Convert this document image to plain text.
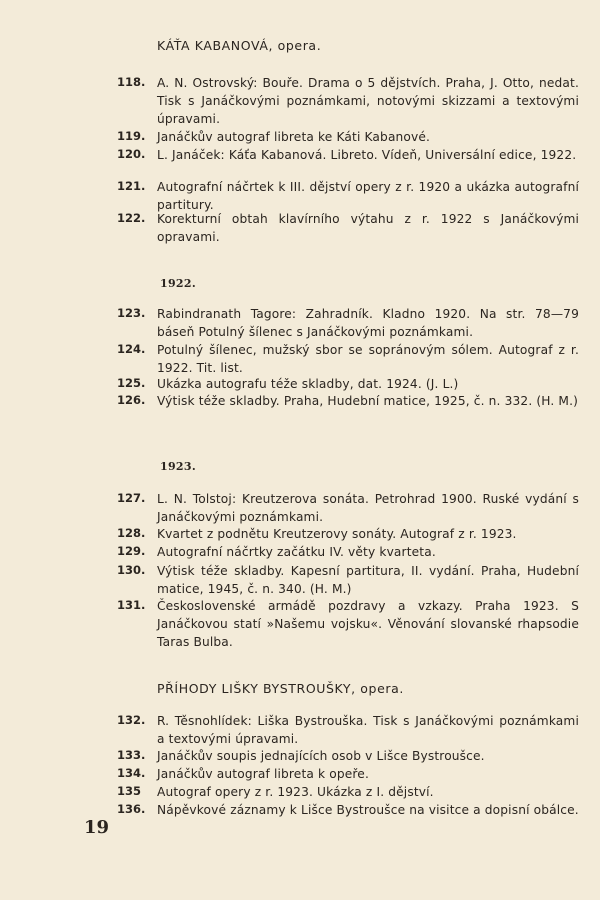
KÁŤA KABANOVÁ, opera.
118. A. N. Ostrovský: Bouře. Drama o 5 dějstvích. Praha, J. Otto, nedat. Tisk s Janáčkovými poznámkami, notovými skizzami a textovými úpravami.
119. Janáčkův autograf libreta ke Káti Kabanové.
120. L. Janáček: Káťa Kabanová. Libreto. Vídeň, Universální edice, 1922.
121. Autografní náčrtek k III. dějství opery z r. 1920 a ukázka autografní partitury.
122. Korekturní obtah klavírního výtahu z r. 1922 s Janáčkovými opravami.
1922.
123. Rabindranath Tagore: Zahradník. Kladno 1920. Na str. 78—79 báseň Potulný šílenec s Janáčkovými poznámkami.
124. Potulný šílenec, mužský sbor se sopránovým sólem. Autograf z r. 1922. Tit. list.
125. Ukázka autografu téže skladby, dat. 1924. (J. L.)
126. Výtisk téže skladby. Praha, Hudební matice, 1925, č. n. 332. (H. M.)
1923.
127. L. N. Tolstoj: Kreutzerova sonáta. Petrohrad 1900. Ruské vydání s Janáčkovými poznámkami.
128. Kvartet z podnětu Kreutzerovy sonáty. Autograf z r. 1923.
129. Autografní náčrtky začátku IV. věty kvarteta.
130. Výtisk téže skladby. Kapesní partitura, II. vydání. Praha, Hudební matice, 1945, č. n. 340. (H. M.)
131. Československé armádě pozdravy a vzkazy. Praha 1923. S Janáčkovou statí »Našemu vojsku«. Věnování slovanské rhapsodie Taras Bulba.
PŘÍHODY LIŠKY BYSTROUŠKY, opera.
132. R. Těsnohlídek: Liška Bystrouška. Tisk s Janáčkovými poznámkami a textovými úpravami.
133. Janáčkův soupis jednajících osob v Lišce Bystroušce.
134. Janáčkův autograf libreta k opeře.
135	Autograf opery z r. 1923. Ukázka z I. dějství.
136. Nápěvkové záznamy k Lišce Bystroušce na visitce a dopisní obálce.
19
